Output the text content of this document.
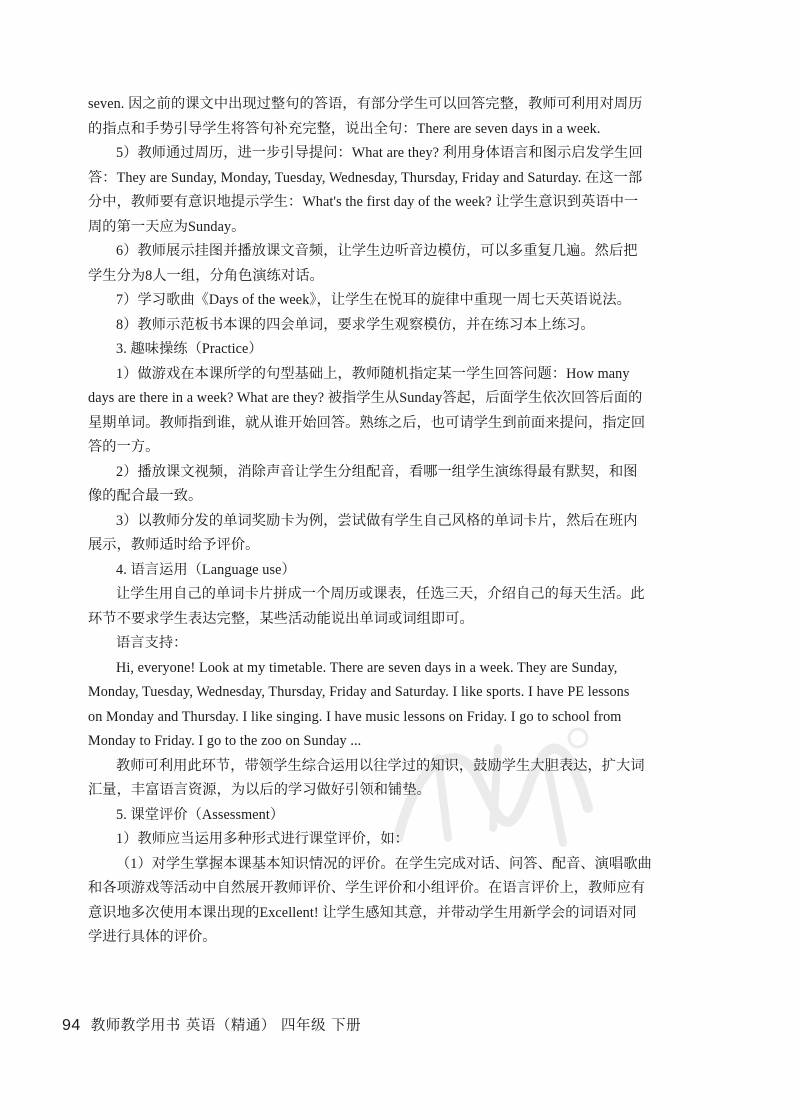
seven. 因之前的课文中出现过整句的答语，有部分学生可以回答完整，教师可利用对周历
的指点和手势引导学生将答句补充完整，说出全句：There are seven days in a week.
5）教师通过周历，进一步引导提问：What are they? 利用身体语言和图示启发学生回
答：They are Sunday, Monday, Tuesday, Wednesday, Thursday, Friday and Saturday. 在这一部
分中，教师要有意识地提示学生：What's the first day of the week? 让学生意识到英语中一
周的第一天应为Sunday。
6）教师展示挂图并播放课文音频，让学生边听音边模仿，可以多重复几遍。然后把
学生分为8人一组，分角色演练对话。
7）学习歌曲《Days of the week》，让学生在悦耳的旋律中重现一周七天英语说法。
8）教师示范板书本课的四会单词，要求学生观察模仿，并在练习本上练习。
3. 趣味操练（Practice）
1）做游戏在本课所学的句型基础上，教师随机指定某一学生回答问题：How many
days are there in a week? What are they? 被指学生从Sunday答起，后面学生依次回答后面的
星期单词。教师指到谁，就从谁开始回答。熟练之后，也可请学生到前面来提问，指定回
答的一方。
2）播放课文视频，消除声音让学生分组配音，看哪一组学生演练得最有默契，和图
像的配合最一致。
3）以教师分发的单词奖励卡为例，尝试做有学生自己风格的单词卡片，然后在班内
展示，教师适时给予评价。
4. 语言运用（Language use）
让学生用自己的单词卡片拼成一个周历或课表，任选三天，介绍自己的每天生活。此
环节不要求学生表达完整，某些活动能说出单词或词组即可。
语言支持：
Hi, everyone! Look at my timetable. There are seven days in a week. They are Sunday,
Monday, Tuesday, Wednesday, Thursday, Friday and Saturday. I like sports. I have PE lessons
on Monday and Thursday. I like singing. I have music lessons on Friday. I go to school from
Monday to Friday. I go to the zoo on Sunday ...
教师可利用此环节，带领学生综合运用以往学过的知识，鼓励学生大胆表达，扩大词
汇量，丰富语言资源，为以后的学习做好引领和铺垫。
5. 课堂评价（Assessment）
1）教师应当运用多种形式进行课堂评价，如：
（1）对学生掌握本课基本知识情况的评价。在学生完成对话、问答、配音、演唱歌曲
和各项游戏等活动中自然展开教师评价、学生评价和小组评价。在语言评价上，教师应有
意识地多次使用本课出现的Excellent! 让学生感知其意，并带动学生用新学会的词语对同
学进行具体的评价。
94 教师教学用书 英语（精通） 四年级 下册
